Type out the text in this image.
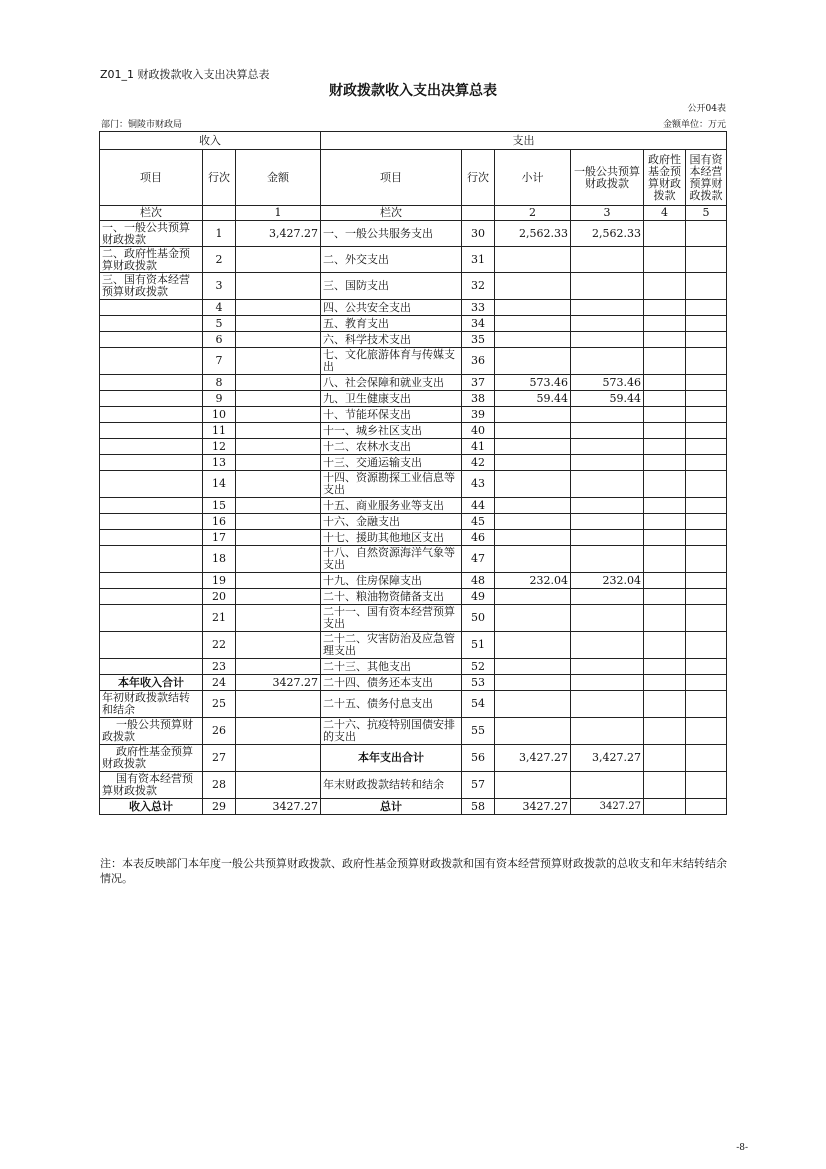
Z01_1 财政拨款收入支出决算总表
财政拨款收入支出决算总表
公开04表
部门：铜陵市财政局	金额单位：万元
收入			支出					
项目	行次	金额	项目	行次	小计	一般公共预算财政拨款	政府性基金预算财政拨款	国有资本经营预算财政拨款
栏次		1	栏次		2	3	4	5
一、一般公共预算财政拨款	1	3,427.27	一、一般公共服务支出	30	2,562.33	2,562.33		
二、政府性基金预算财政拨款	2		二、外交支出	31				
三、国有资本经营预算财政拨款	3		三、国防支出	32				
	4		四、公共安全支出	33				
	5		五、教育支出	34				
	6		六、科学技术支出	35				
	7		七、文化旅游体育与传媒支出	36				
	8		八、社会保障和就业支出	37	573.46	573.46		
	9		九、卫生健康支出	38	59.44	59.44		
	10		十、节能环保支出	39				
	11		十一、城乡社区支出	40				
	12		十二、农林水支出	41				
	13		十三、交通运输支出	42				
	14		十四、资源勘探工业信息等支出	43				
	15		十五、商业服务业等支出	44				
	16		十六、金融支出	45				
	17		十七、援助其他地区支出	46				
	18		十八、自然资源海洋气象等支出	47				
	19		十九、住房保障支出	48	232.04	232.04		
	20		二十、粮油物资储备支出	49				
	21		二十一、国有资本经营预算支出	50				
	22		二十二、灾害防治及应急管理支出	51				
	23		二十三、其他支出	52				
本年收入合计	24	3427.27	二十四、债务还本支出	53				
年初财政拨款结转和结余	25		二十五、债务付息支出	54				
一般公共预算财政拨款	26		二十六、抗疫特别国债安排的支出	55				
政府性基金预算财政拨款	27		本年支出合计	56	3,427.27	3,427.27		
国有资本经营预算财政拨款	28		年末财政拨款结转和结余	57				
收入总计	29	3427.27	总计	58	3427.27	3427.27		
注：本表反映部门本年度一般公共预算财政拨款、政府性基金预算财政拨款和国有资本经营预算财政拨款的总收支和年末结转结余情况。
-8-
